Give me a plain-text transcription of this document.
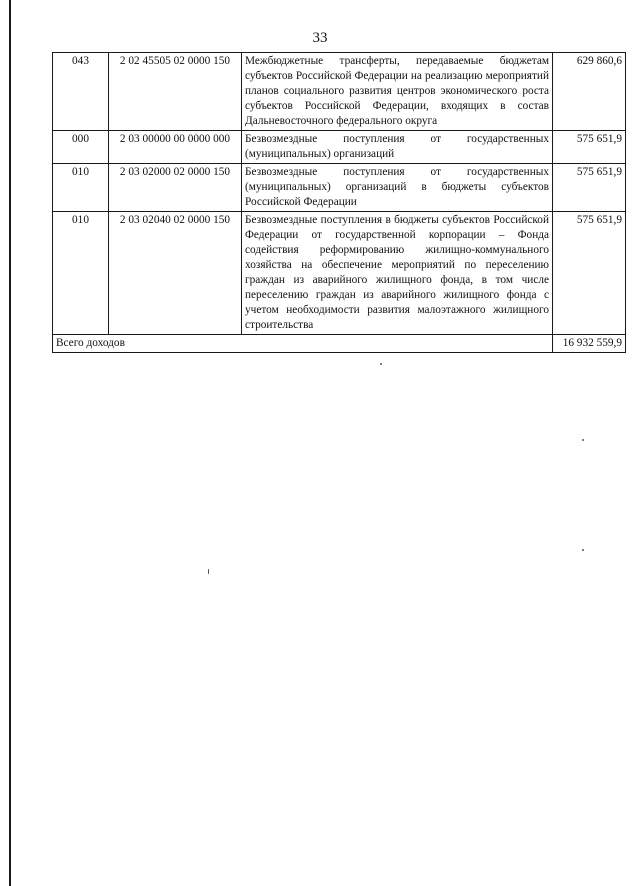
33
043	2 02 45505 02 0000 150	Межбюджетные трансферты, передаваемые бюджетам субъектов Российской Федерации на реализацию мероприятий планов социального развития центров экономического роста субъектов Российской Федерации, входящих в состав Дальневосточного федерального округа	629 860,6
000	2 03 00000 00 0000 000	Безвозмездные поступления от государственных (муниципальных) организаций	575 651,9
010	2 03 02000 02 0000 150	Безвозмездные поступления от государственных (муниципальных) организаций в бюджеты субъектов Российской Федерации	575 651,9
010	2 03 02040 02 0000 150	Безвозмездные поступления в бюджеты субъектов Российской Федерации от государственной корпорации – Фонда содействия реформированию жилищно-коммунального хозяйства на обеспечение мероприятий по переселению граждан из аварийного жилищного фонда, в том числе переселению граждан из аварийного жилищного фонда с учетом необходимости развития малоэтажного жилищного строительства	575 651,9
Всего доходов			16 932 559,9
